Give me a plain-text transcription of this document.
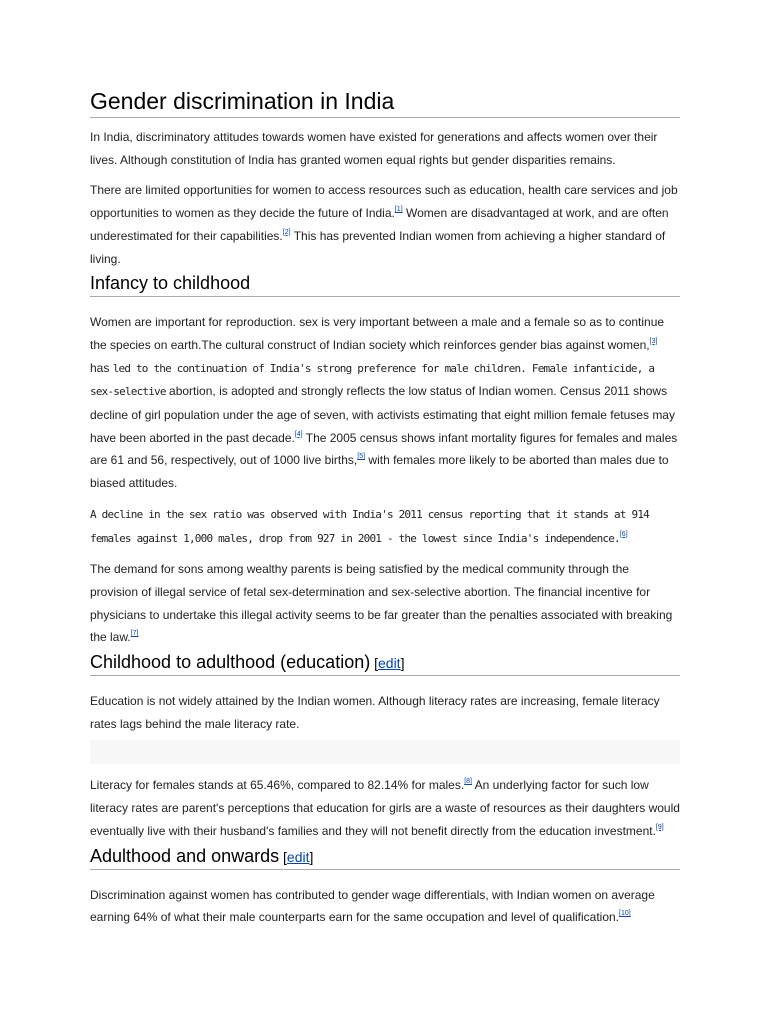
Gender discrimination in India

In India, discriminatory attitudes towards women have existed for generations and affects women over their lives. Although constitution of India has granted women equal rights but gender disparities remains.

There are limited opportunities for women to access resources such as education, health care services and job opportunities to women as they decide the future of India.[1] Women are disadvantaged at work, and are often underestimated for their capabilities.[2] This has prevented Indian women from achieving a higher standard of living.

Infancy to childhood

Women are important for reproduction. sex is very important between a male and a female so as to continue the species on earth.The cultural construct of Indian society which reinforces gender bias against women,[3] has led to the continuation of India's strong preference for male children. Female infanticide, a sex-selective abortion, is adopted and strongly reflects the low status of Indian women. Census 2011 shows decline of girl population under the age of seven, with activists estimating that eight million female fetuses may have been aborted in the past decade.[4] The 2005 census shows infant mortality figures for females and males are 61 and 56, respectively, out of 1000 live births,[5] with females more likely to be aborted than males due to biased attitudes.

A decline in the sex ratio was observed with India's 2011 census reporting that it stands at 914 females against 1,000 males, drop from 927 in 2001 - the lowest since India's independence.[6]

The demand for sons among wealthy parents is being satisfied by the medical community through the provision of illegal service of fetal sex-determination and sex-selective abortion. The financial incentive for physicians to undertake this illegal activity seems to be far greater than the penalties associated with breaking the law.[7]

Childhood to adulthood (education) [edit]

Education is not widely attained by the Indian women. Although literacy rates are increasing, female literacy rates lags behind the male literacy rate.

Literacy for females stands at 65.46%, compared to 82.14% for males.[8] An underlying factor for such low literacy rates are parent's perceptions that education for girls are a waste of resources as their daughters would eventually live with their husband's families and they will not benefit directly from the education investment.[9]

Adulthood and onwards [edit]

Discrimination against women has contributed to gender wage differentials, with Indian women on average earning 64% of what their male counterparts earn for the same occupation and level of qualification.[10]
